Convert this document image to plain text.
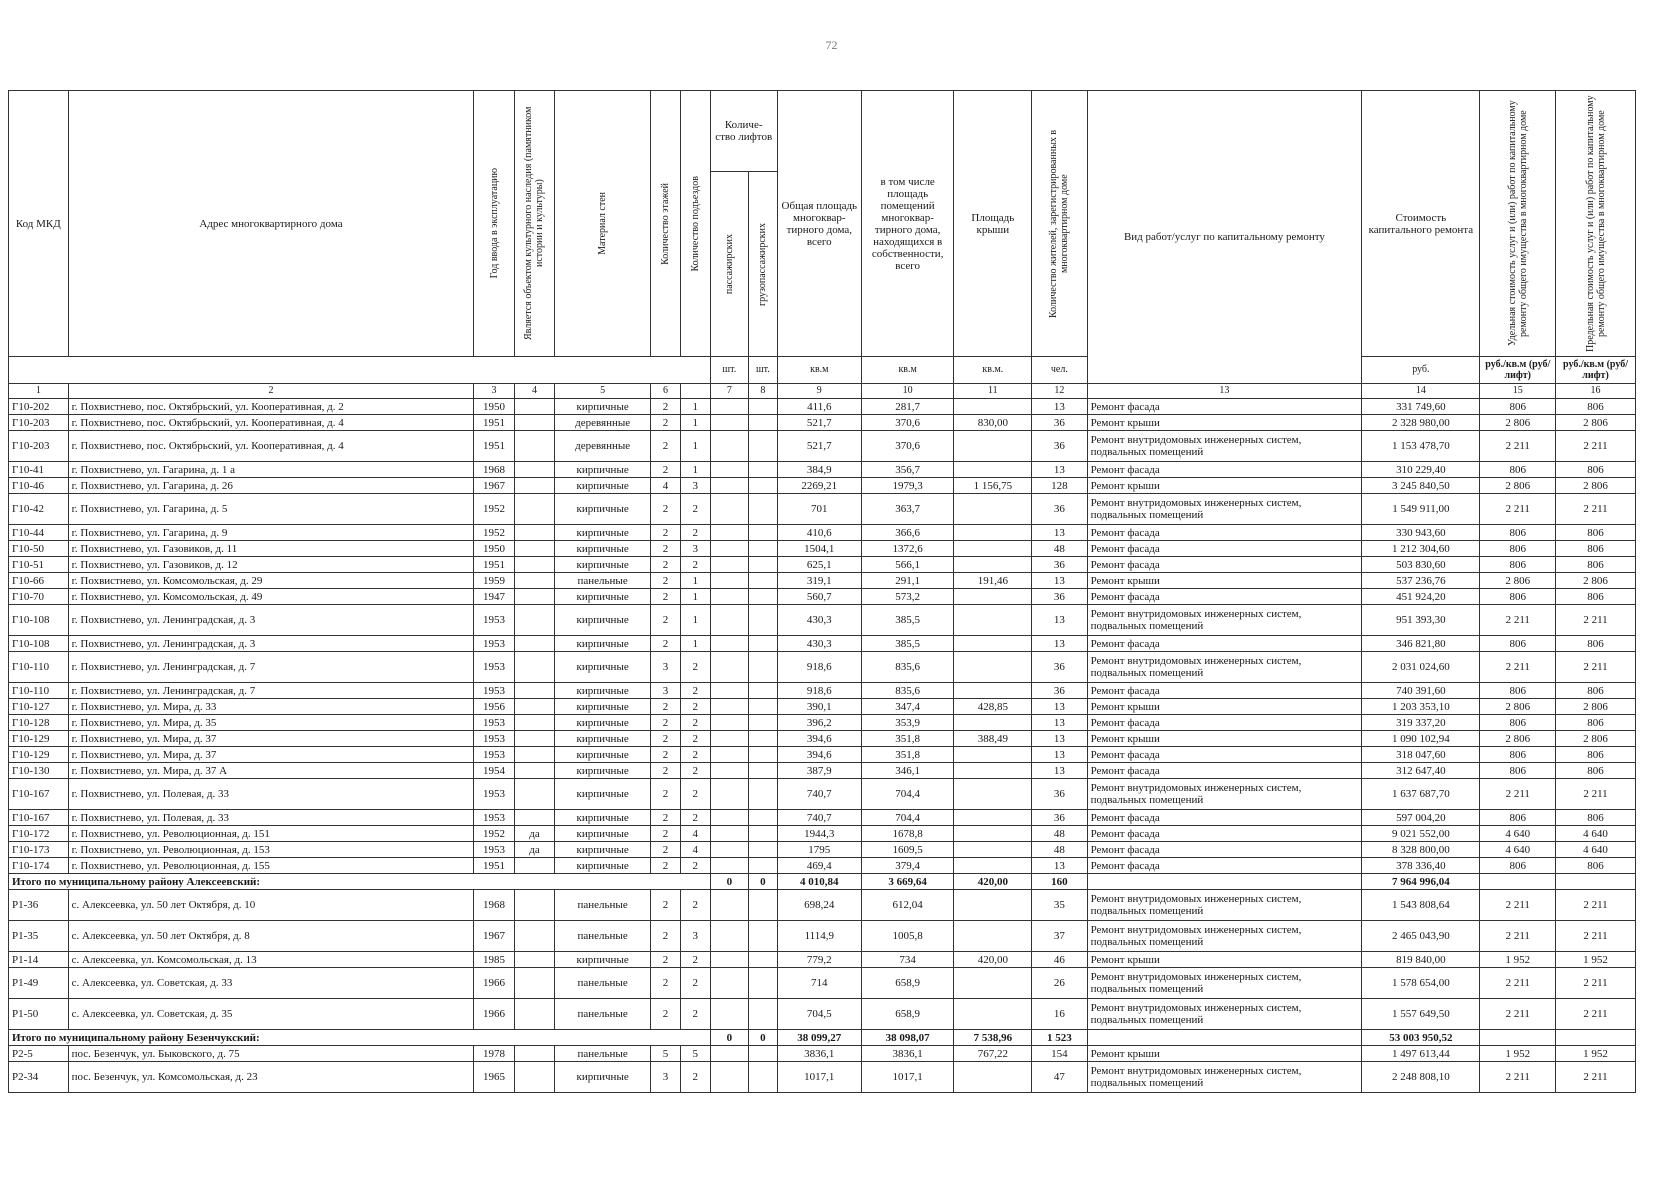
72
Код МКД	Адрес многоквартирного дома	Год ввода в эксплуатацию	Является объектом культурного наследия (памятником истории и культуры)	Материал стен	Количество этажей	Количество подъездов	Количе- ство лифтов		Общая площадь многоквар- тирного дома, всего	в том числе площадь помещений многоквар- тирного дома, находящихся в собственности, всего	Площадь крыши	Количество жителей, зарегистрированных в многоквартирном доме	Вид работ/услуг по капитальному ремонту	Стоимость капитального ремонта	Удельная стоимость услуг и (или) работ по капитальному ремонту общего имущества в многоквартирном доме	Предельная стоимость услуг и (или) работ по капитальному ремонту общего имущества в многоквартирном доме

							пассажирских	грузопассажирских								

							шт.	шт.	кв.м	кв.м	кв.м.	чел.		руб.	руб./кв.м (руб/лифт)	руб./кв.м (руб/лифт)
1	2	3	4	5	6		7	8	9	10	11	12	13	14	15	16
Г10-202	г. Похвистнево, пос. Октябрьский, ул. Кооперативная, д. 2	1950		кирпичные	2	1			411,6	281,7		13	Ремонт фасада	331 749,60	806	806
Г10-203	г. Похвистнево, пос. Октябрьский, ул. Кооперативная, д. 4	1951		деревянные	2	1			521,7	370,6	830,00	36	Ремонт крыши	2 328 980,00	2 806	2 806
Г10-203	г. Похвистнево, пос. Октябрьский, ул. Кооперативная, д. 4	1951		деревянные	2	1			521,7	370,6		36	Ремонт внутридомовых инженерных систем, подвальных помещений	1 153 478,70	2 211	2 211
Г10-41	г. Похвистнево, ул. Гагарина, д. 1 а	1968		кирпичные	2	1			384,9	356,7		13	Ремонт фасада	310 229,40	806	806
Г10-46	г. Похвистнево, ул. Гагарина, д. 26	1967		кирпичные	4	3			2269,21	1979,3	1 156,75	128	Ремонт крыши	3 245 840,50	2 806	2 806
Г10-42	г. Похвистнево, ул. Гагарина, д. 5	1952		кирпичные	2	2			701	363,7		36	Ремонт внутридомовых инженерных систем, подвальных помещений	1 549 911,00	2 211	2 211
Г10-44	г. Похвистнево, ул. Гагарина, д. 9	1952		кирпичные	2	2			410,6	366,6		13	Ремонт фасада	330 943,60	806	806
Г10-50	г. Похвистнево, ул. Газовиков, д. 11	1950		кирпичные	2	3			1504,1	1372,6		48	Ремонт фасада	1 212 304,60	806	806
Г10-51	г. Похвистнево, ул. Газовиков, д. 12	1951		кирпичные	2	2			625,1	566,1		36	Ремонт фасада	503 830,60	806	806
Г10-66	г. Похвистнево, ул. Комсомольская, д. 29	1959		панельные	2	1			319,1	291,1	191,46	13	Ремонт крыши	537 236,76	2 806	2 806
Г10-70	г. Похвистнево, ул. Комсомольская, д. 49	1947		кирпичные	2	1			560,7	573,2		36	Ремонт фасада	451 924,20	806	806
Г10-108	г. Похвистнево, ул. Ленинградская, д. 3	1953		кирпичные	2	1			430,3	385,5		13	Ремонт внутридомовых инженерных систем, подвальных помещений	951 393,30	2 211	2 211
Г10-108	г. Похвистнево, ул. Ленинградская, д. 3	1953		кирпичные	2	1			430,3	385,5		13	Ремонт фасада	346 821,80	806	806
Г10-110	г. Похвистнево, ул. Ленинградская, д. 7	1953		кирпичные	3	2			918,6	835,6		36	Ремонт внутридомовых инженерных систем, подвальных помещений	2 031 024,60	2 211	2 211
Г10-110	г. Похвистнево, ул. Ленинградская, д. 7	1953		кирпичные	3	2			918,6	835,6		36	Ремонт фасада	740 391,60	806	806
Г10-127	г. Похвистнево, ул. Мира, д. 33	1956		кирпичные	2	2			390,1	347,4	428,85	13	Ремонт крыши	1 203 353,10	2 806	2 806
Г10-128	г. Похвистнево, ул. Мира, д. 35	1953		кирпичные	2	2			396,2	353,9		13	Ремонт фасада	319 337,20	806	806
Г10-129	г. Похвистнево, ул. Мира, д. 37	1953		кирпичные	2	2			394,6	351,8	388,49	13	Ремонт крыши	1 090 102,94	2 806	2 806
Г10-129	г. Похвистнево, ул. Мира, д. 37	1953		кирпичные	2	2			394,6	351,8		13	Ремонт фасада	318 047,60	806	806
Г10-130	г. Похвистнево, ул. Мира, д. 37 А	1954		кирпичные	2	2			387,9	346,1		13	Ремонт фасада	312 647,40	806	806
Г10-167	г. Похвистнево, ул. Полевая, д. 33	1953		кирпичные	2	2			740,7	704,4		36	Ремонт внутридомовых инженерных систем, подвальных помещений	1 637 687,70	2 211	2 211
Г10-167	г. Похвистнево, ул. Полевая, д. 33	1953		кирпичные	2	2			740,7	704,4		36	Ремонт фасада	597 004,20	806	806
Г10-172	г. Похвистнево, ул. Революционная, д. 151	1952	да	кирпичные	2	4			1944,3	1678,8		48	Ремонт фасада	9 021 552,00	4 640	4 640
Г10-173	г. Похвистнево, ул. Революционная, д. 153	1953	да	кирпичные	2	4			1795	1609,5		48	Ремонт фасада	8 328 800,00	4 640	4 640
Г10-174	г. Похвистнево, ул. Революционная, д. 155	1951		кирпичные	2	2			469,4	379,4		13	Ремонт фасада	378 336,40	806	806
Итого по муниципальному району Алексеевский:							0	0	4 010,84	3 669,64	420,00	160		7 964 996,04		
Р1-36	с. Алексеевка, ул. 50 лет Октября, д. 10	1968		панельные	2	2			698,24	612,04		35	Ремонт внутридомовых инженерных систем, подвальных помещений	1 543 808,64	2 211	2 211
Р1-35	с. Алексеевка, ул. 50 лет Октября, д. 8	1967		панельные	2	3			1114,9	1005,8		37	Ремонт внутридомовых инженерных систем, подвальных помещений	2 465 043,90	2 211	2 211
Р1-14	с. Алексеевка, ул. Комсомольская, д. 13	1985		кирпичные	2	2			779,2	734	420,00	46	Ремонт крыши	819 840,00	1 952	1 952
Р1-49	с. Алексеевка, ул. Советская, д. 33	1966		панельные	2	2			714	658,9		26	Ремонт внутридомовых инженерных систем, подвальных помещений	1 578 654,00	2 211	2 211
Р1-50	с. Алексеевка, ул. Советская, д. 35	1966		панельные	2	2			704,5	658,9		16	Ремонт внутридомовых инженерных систем, подвальных помещений	1 557 649,50	2 211	2 211
Итого по муниципальному району Безенчукский:							0	0	38 099,27	38 098,07	7 538,96	1 523		53 003 950,52		
Р2-5	пос. Безенчук, ул. Быковского, д. 75	1978		панельные	5	5			3836,1	3836,1	767,22	154	Ремонт крыши	1 497 613,44	1 952	1 952
Р2-34	пос. Безенчук, ул. Комсомольская, д. 23	1965		кирпичные	3	2			1017,1	1017,1		47	Ремонт внутридомовых инженерных систем, подвальных помещений	2 248 808,10	2 211	2 211
